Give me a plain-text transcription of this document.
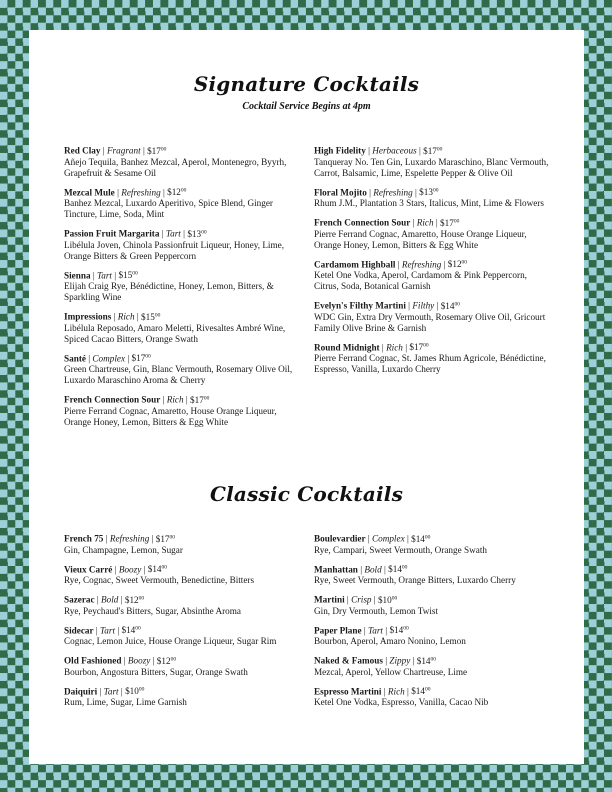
Signature Cocktails
Cocktail Service Begins at 4pm
Red Clay | Fragrant | $\$17^{00}$
Añejo Tequila, Banhez Mezcal, Aperol, Montenegro, Byyrh, Grapefruit & Sesame Oil
Mezcal Mule | Refreshing | $\$12^{00}$
Banhez Mezcal, Luxardo Aperitivo, Spice Blend, Ginger Tincture, Lime, Soda, Mint
Passion Fruit Margarita | Tart | $\$13^{00}$
Libélula Joven, Chinola Passionfruit Liqueur, Honey, Lime, Orange Bitters & Green Peppercorn
Sienna | Tart | $\$15^{00}$
Elijah Craig Rye, Bénédictine, Honey, Lemon, Bitters, & Sparkling Wine
Impressions | Rich | $\$15^{00}$
Libélula Reposado, Amaro Meletti, Rivesaltes Ambré Wine, Spiced Cacao Bitters, Orange Swath
Santé | Complex | $\$17^{00}$
Green Chartreuse, Gin, Blanc Vermouth, Rosemary Olive Oil, Luxardo Maraschino Aroma & Cherry
French Connection Sour | Rich | $\$17^{00}$
Pierre Ferrand Cognac, Amaretto, House Orange Liqueur, Orange Honey, Lemon, Bitters & Egg White
High Fidelity | Herbaceous | $\$17^{00}$
Tanqueray No. Ten Gin, Luxardo Maraschino, Blanc Vermouth, Carrot, Balsamic, Lime, Espelette Pepper & Olive Oil
Floral Mojito | Refreshing | $\$13^{00}$
Rhum J.M., Plantation 3 Stars, Italicus, Mint, Lime & Flowers
French Connection Sour | Rich | $\$17^{00}$
Pierre Ferrand Cognac, Amaretto, House Orange Liqueur, Orange Honey, Lemon, Bitters & Egg White
Cardamom Highball | Refreshing | $\$12^{00}$
Ketel One Vodka, Aperol, Cardamom & Pink Peppercorn, Citrus, Soda, Botanical Garnish
Evelyn's Filthy Martini | Filthy | $\$14^{00}$
WDC Gin, Extra Dry Vermouth, Rosemary Olive Oil, Gricourt Family Olive Brine & Garnish
Round Midnight | Rich | $\$17^{00}$
Pierre Ferrand Cognac, St. James Rhum Agricole, Bénédictine, Espresso, Vanilla, Luxardo Cherry
Classic Cocktails
French 75 | Refreshing | $\$17^{00}$
Gin, Champagne, Lemon, Sugar
Vieux Carré | Boozy | $\$14^{00}$
Rye, Cognac, Sweet Vermouth, Benedictine, Bitters
Sazerac | Bold | $\$12^{00}$
Rye, Peychaud's Bitters, Sugar, Absinthe Aroma
Sidecar | Tart | $\$14^{00}$
Cognac, Lemon Juice, House Orange Liqueur, Sugar Rim
Old Fashioned | Boozy | $\$12^{00}$
Bourbon, Angostura Bitters, Sugar, Orange Swath
Daiquiri | Tart | $\$10^{00}$
Rum, Lime, Sugar, Lime Garnish
Boulevardier | Complex | $\$14^{00}$
Rye, Campari, Sweet Vermouth, Orange Swath
Manhattan | Bold | $\$14^{00}$
Rye, Sweet Vermouth, Orange Bitters, Luxardo Cherry
Martini | Crisp | $\$10^{00}$
Gin, Dry Vermouth, Lemon Twist
Paper Plane | Tart | $\$14^{00}$
Bourbon, Aperol, Amaro Nonino, Lemon
Naked & Famous | Zippy | $\$14^{00}$
Mezcal, Aperol, Yellow Chartreuse, Lime
Espresso Martini | Rich | $\$14^{00}$
Ketel One Vodka, Espresso, Vanilla, Cacao Nib
